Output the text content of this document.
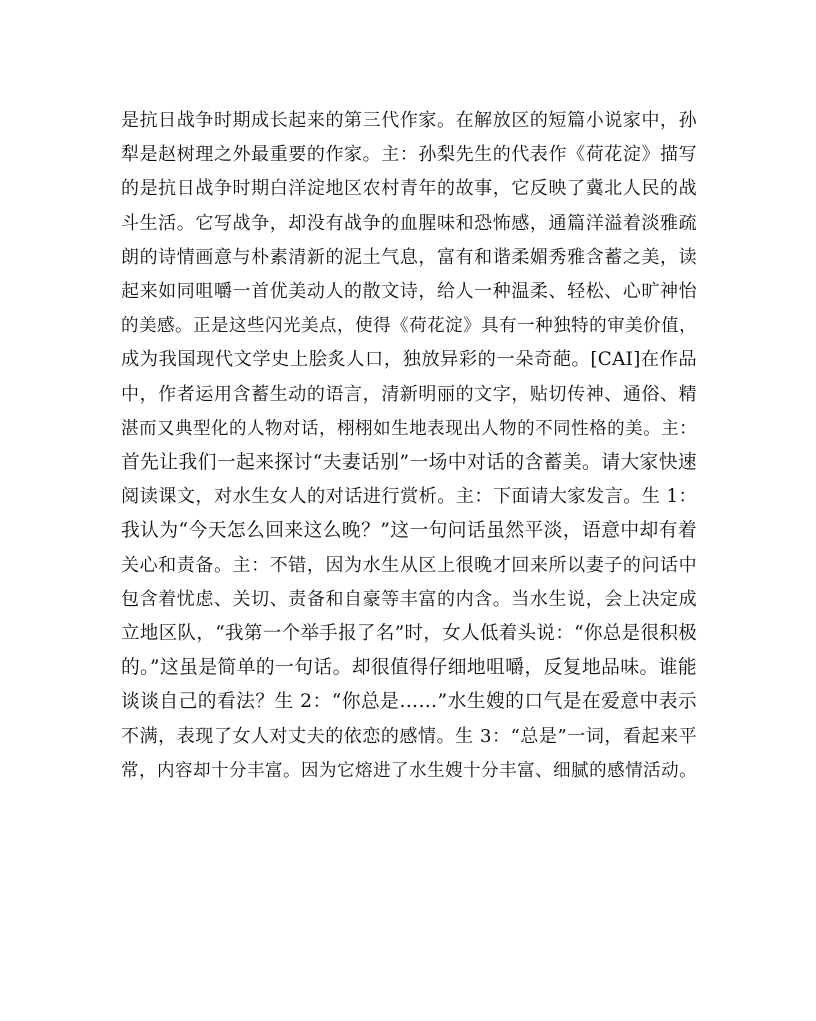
是抗日战争时期成长起来的第三代作家。在解放区的短篇小说家中，孙
犁是赵树理之外最重要的作家。主：孙梨先生的代表作《荷花淀》描写
的是抗日战争时期白洋淀地区农村青年的故事，它反映了冀北人民的战
斗生活。它写战争，却没有战争的血腥味和恐怖感，通篇洋溢着淡雅疏
朗的诗情画意与朴素清新的泥土气息，富有和谐柔媚秀雅含蓄之美，读
起来如同咀嚼一首优美动人的散文诗，给人一种温柔、轻松、心旷神怡
的美感。正是这些闪光美点，使得《荷花淀》具有一种独特的审美价值，
成为我国现代文学史上脍炙人口，独放异彩的一朵奇葩。[CAI]在作品
中，作者运用含蓄生动的语言，清新明丽的文字，贴切传神、通俗、精
湛而又典型化的人物对话，栩栩如生地表现出人物的不同性格的美。主：
首先让我们一起来探讨“夫妻话别”一场中对话的含蓄美。请大家快速
阅读课文，对水生女人的对话进行赏析。主：下面请大家发言。生 1：
我认为“今天怎么回来这么晚？”这一句问话虽然平淡，语意中却有着
关心和责备。主：不错，因为水生从区上很晚才回来所以妻子的问话中
包含着忧虑、关切、责备和自豪等丰富的内含。当水生说，会上决定成
立地区队，“我第一个举手报了名”时，女人低着头说：“你总是很积极
的。”这虽是简单的一句话。却很值得仔细地咀嚼，反复地品味。谁能
谈谈自己的看法？生 2：“你总是……”水生嫂的口气是在爱意中表示
不满，表现了女人对丈夫的依恋的感情。生 3：“总是”一词，看起来平
常，内容却十分丰富。因为它熔进了水生嫂十分丰富、细腻的感情活动。
